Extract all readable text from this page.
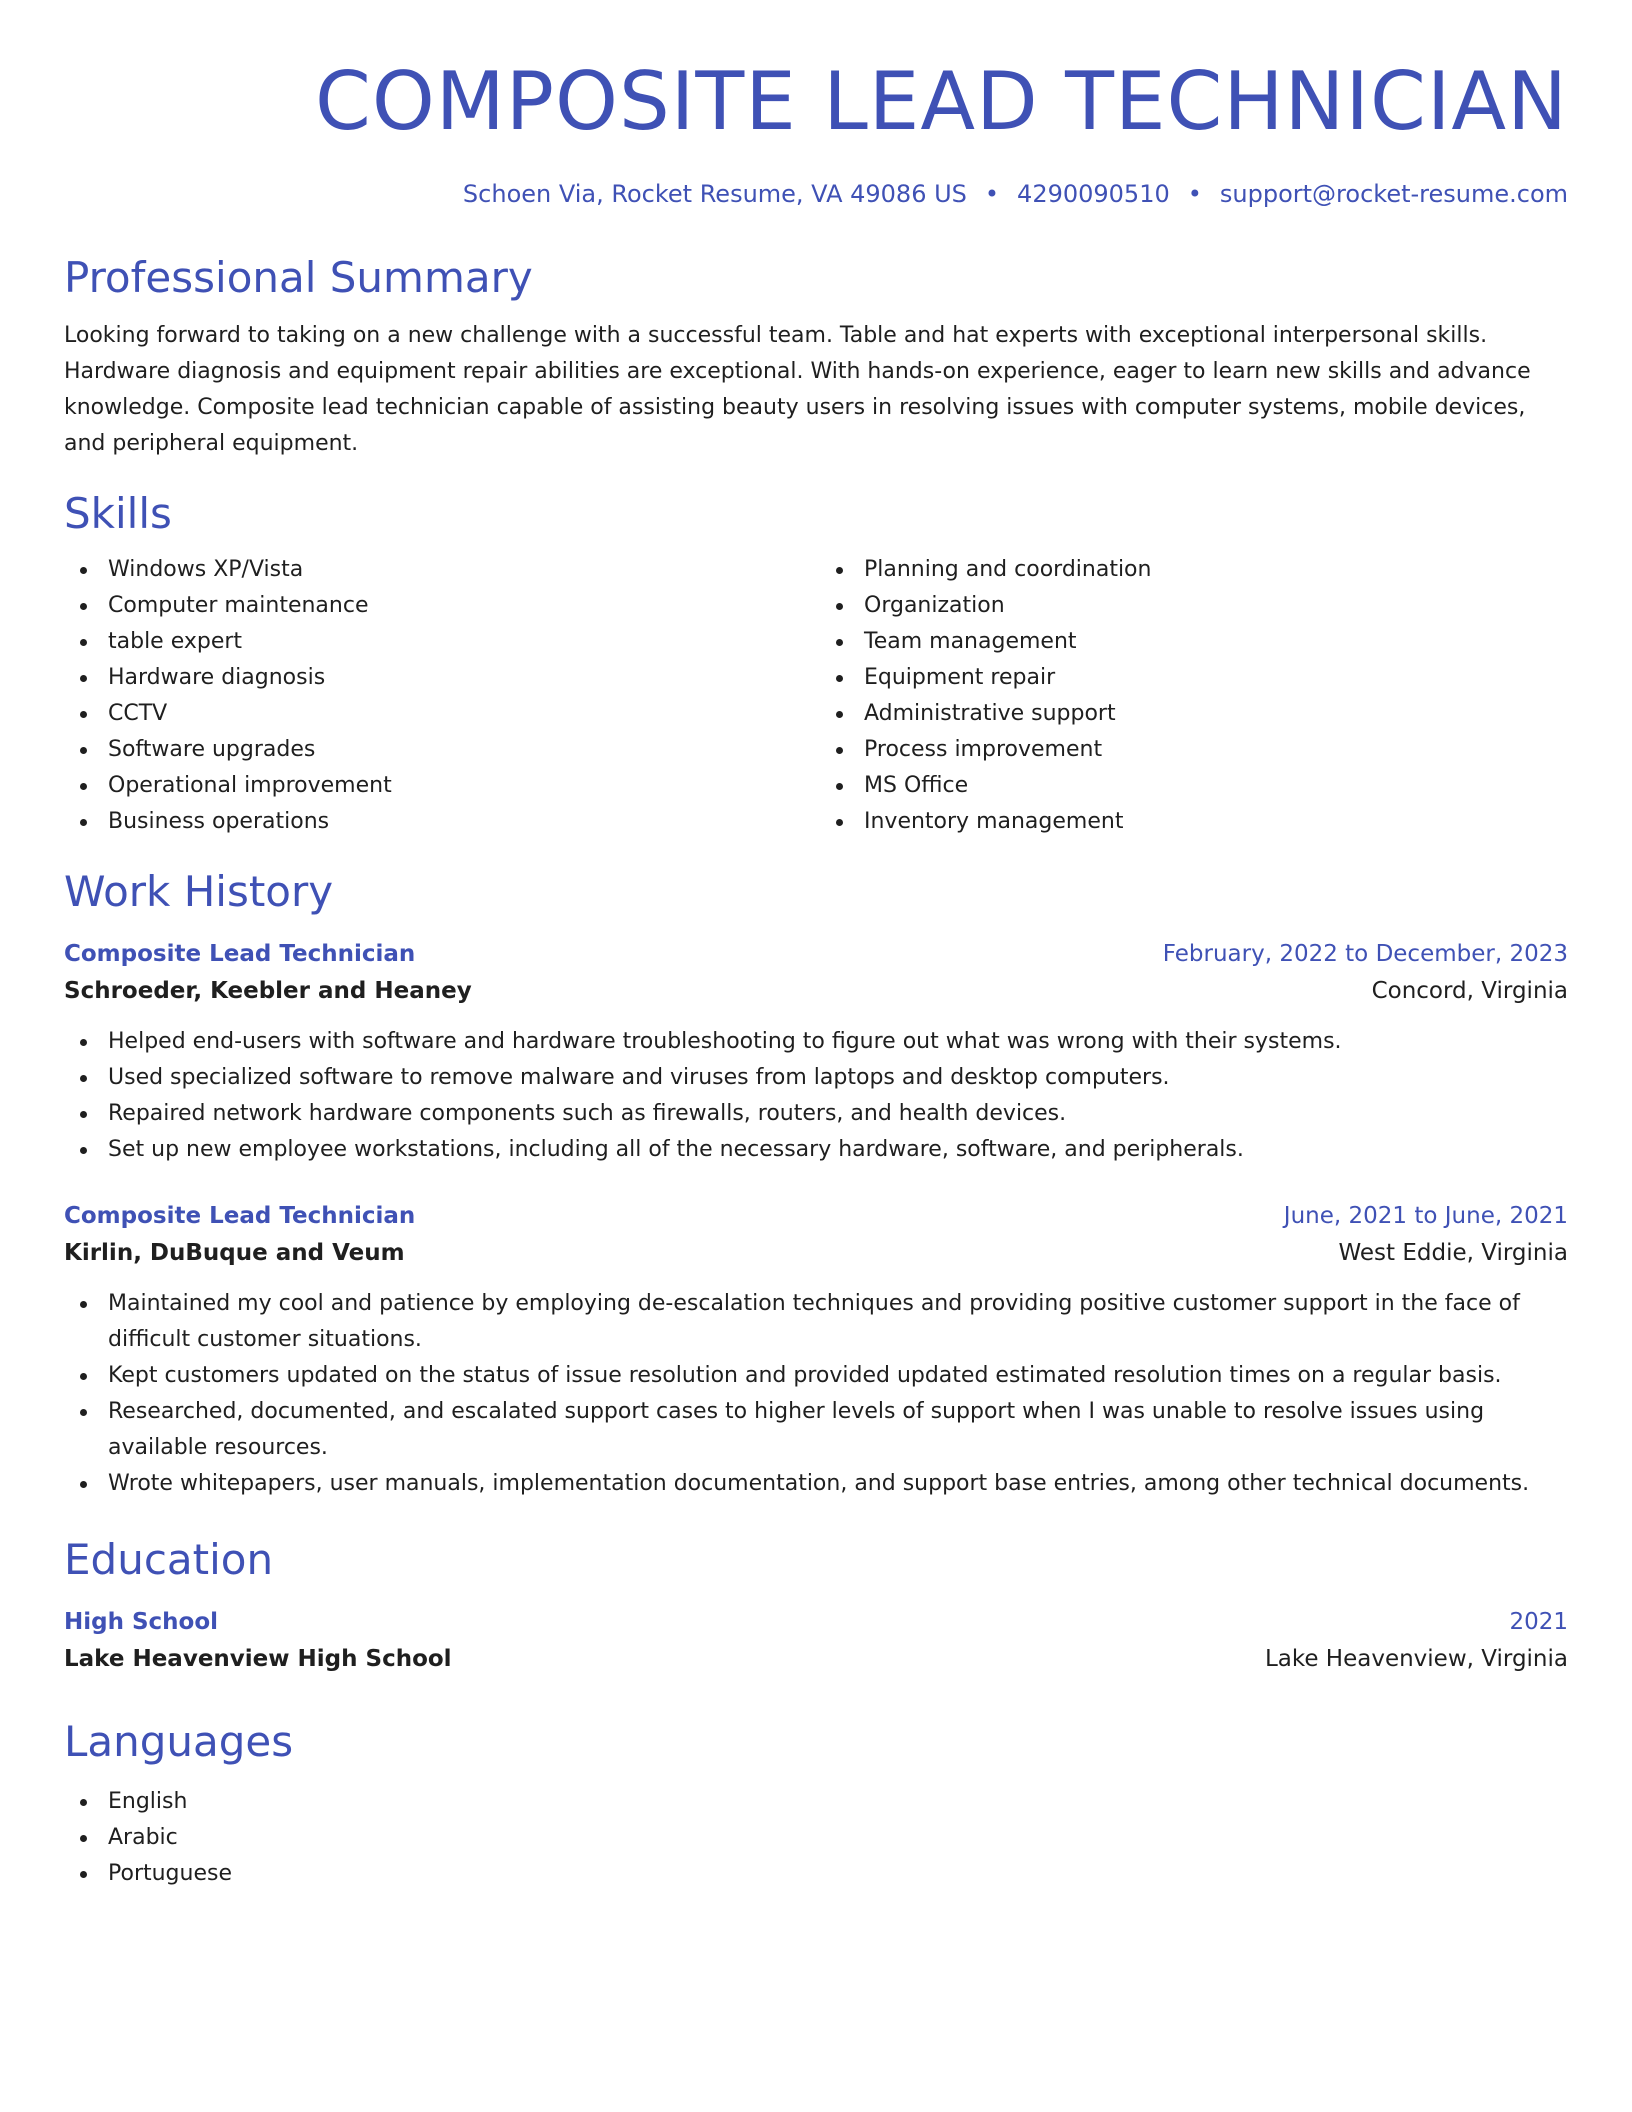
COMPOSITE LEAD TECHNICIAN
Schoen Via, Rocket Resume, VA 49086 US • 4290090510 • support@rocket-resume.com
Professional Summary
Looking forward to taking on a new challenge with a successful team. Table and hat experts with exceptional interpersonal skills. Hardware diagnosis and equipment repair abilities are exceptional. With hands-on experience, eager to learn new skills and advance knowledge. Composite lead technician capable of assisting beauty users in resolving issues with computer systems, mobile devices, and peripheral equipment.
Skills
Windows XP/Vista
Computer maintenance
table expert
Hardware diagnosis
CCTV
Software upgrades
Operational improvement
Business operations
Planning and coordination
Organization
Team management
Equipment repair
Administrative support
Process improvement
MS Office
Inventory management
Work History
Composite Lead Technician	February, 2022 to December, 2023
Schroeder, Keebler and Heaney	Concord, Virginia
Helped end-users with software and hardware troubleshooting to figure out what was wrong with their systems.
Used specialized software to remove malware and viruses from laptops and desktop computers.
Repaired network hardware components such as firewalls, routers, and health devices.
Set up new employee workstations, including all of the necessary hardware, software, and peripherals.
Composite Lead Technician	June, 2021 to June, 2021
Kirlin, DuBuque and Veum	West Eddie, Virginia
Maintained my cool and patience by employing de-escalation techniques and providing positive customer support in the face of difficult customer situations.
Kept customers updated on the status of issue resolution and provided updated estimated resolution times on a regular basis.
Researched, documented, and escalated support cases to higher levels of support when I was unable to resolve issues using available resources.
Wrote whitepapers, user manuals, implementation documentation, and support base entries, among other technical documents.
Education
High School	2021
Lake Heavenview High School	Lake Heavenview, Virginia
Languages
English
Arabic
Portuguese
